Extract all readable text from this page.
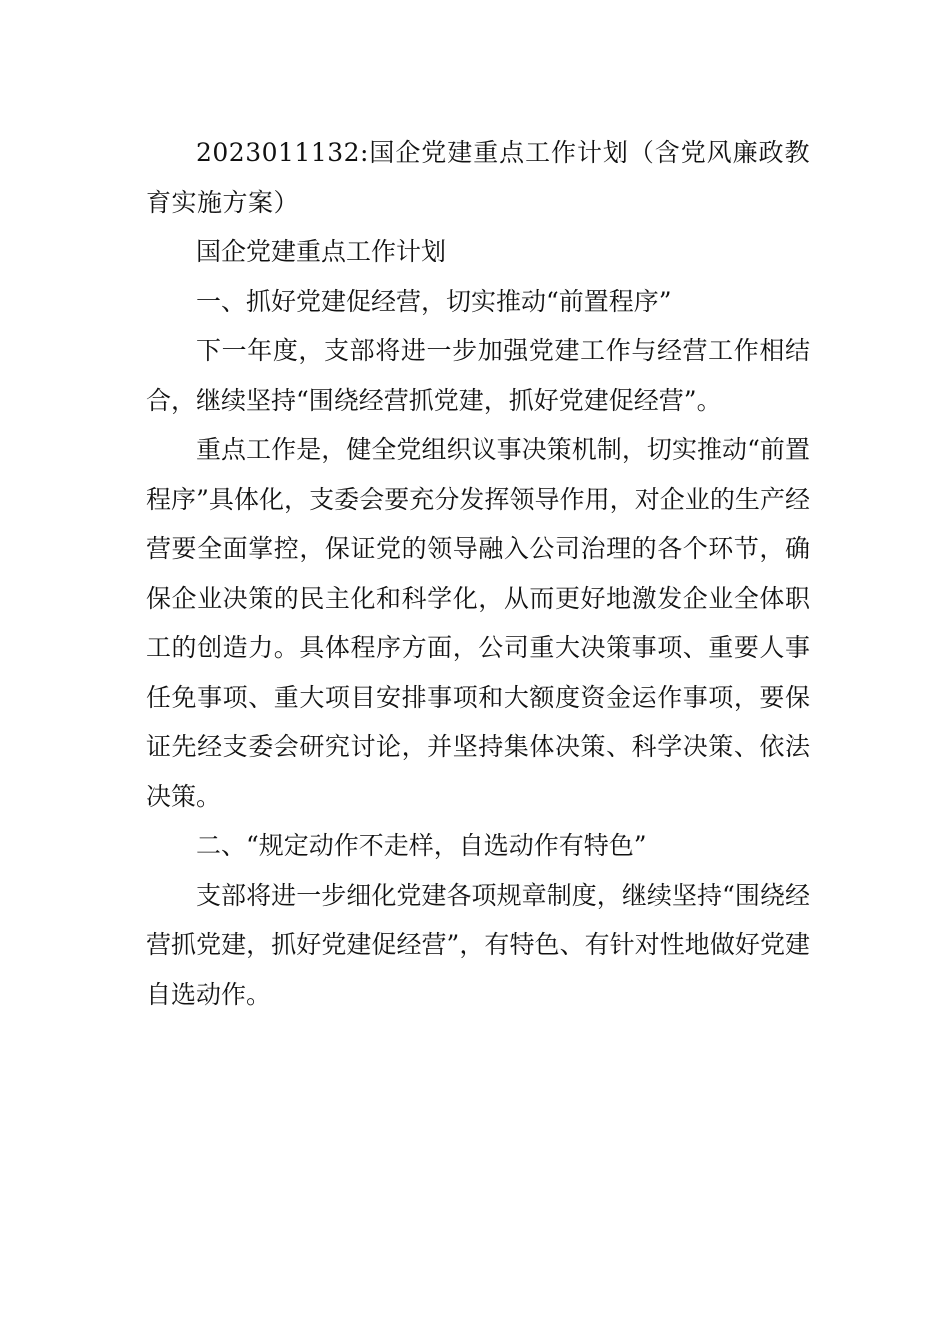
2023011132:国企党建重点工作计划（含党风廉政教育实施方案）

国企党建重点工作计划

一、抓好党建促经营，切实推动“前置程序”

下一年度，支部将进一步加强党建工作与经营工作相结合，继续坚持“围绕经营抓党建，抓好党建促经营”。

重点工作是，健全党组织议事决策机制，切实推动“前置程序”具体化，支委会要充分发挥领导作用，对企业的生产经营要全面掌控，保证党的领导融入公司治理的各个环节，确保企业决策的民主化和科学化，从而更好地激发企业全体职工的创造力。具体程序方面，公司重大决策事项、重要人事任免事项、重大项目安排事项和大额度资金运作事项，要保证先经支委会研究讨论，并坚持集体决策、科学决策、依法决策。

二、“规定动作不走样，自选动作有特色”

支部将进一步细化党建各项规章制度，继续坚持“围绕经营抓党建，抓好党建促经营”，有特色、有针对性地做好党建自选动作。
